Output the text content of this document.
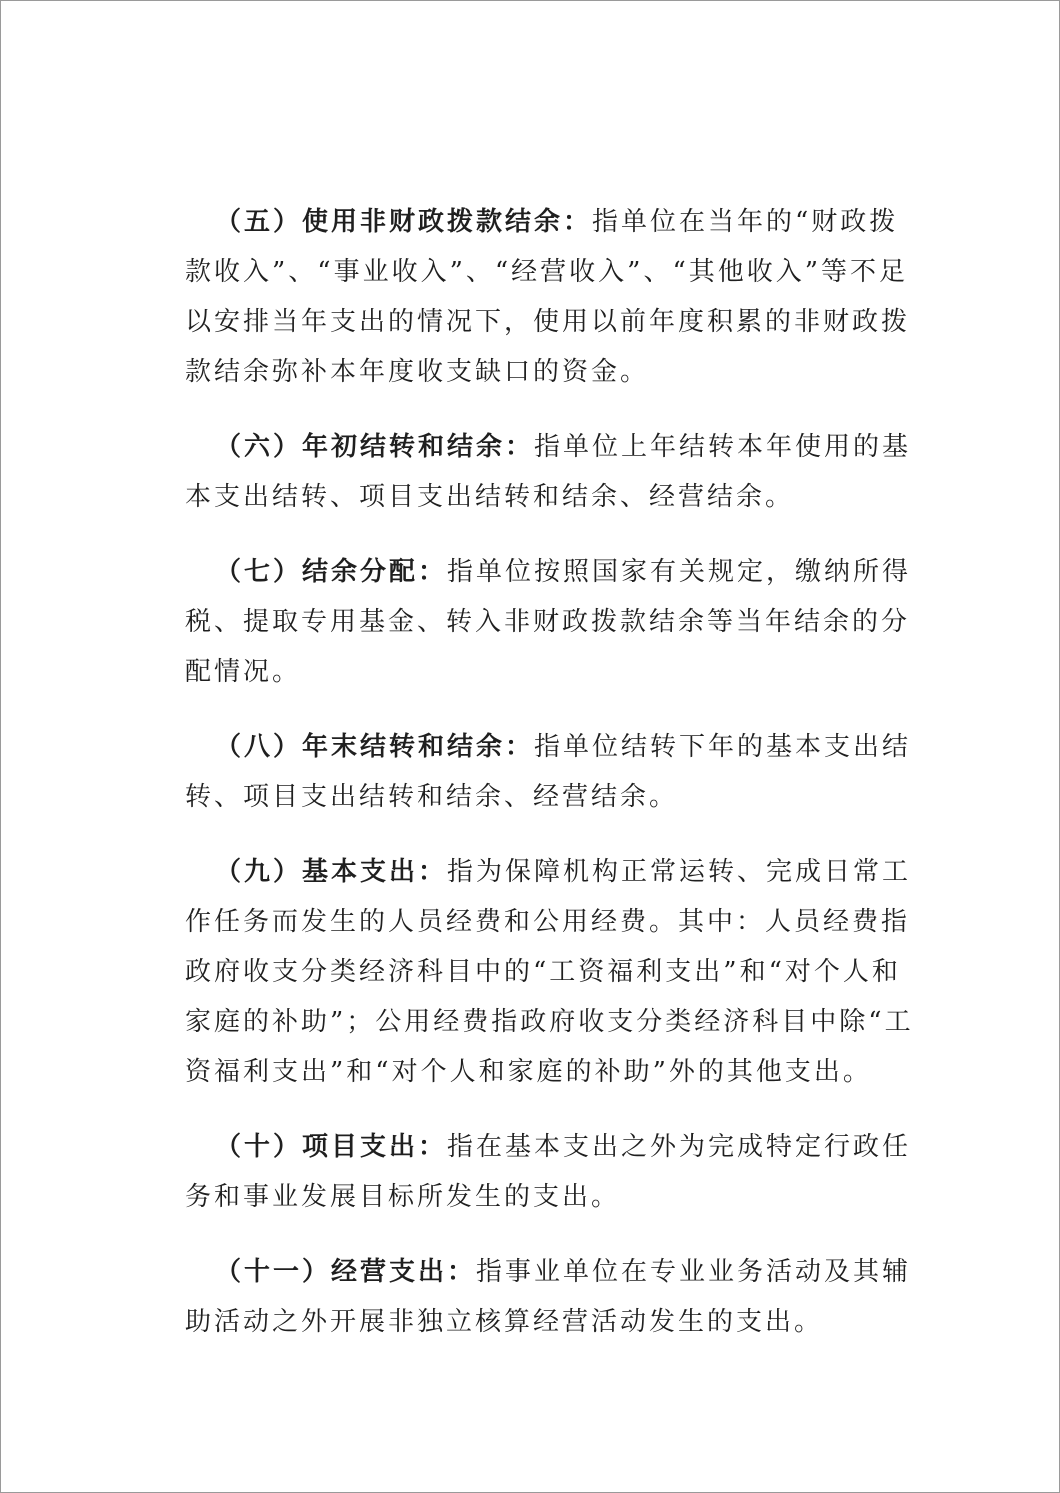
（五）使用非财政拨款结余：指单位在当年的“财政拨款收入”、“事业收入”、“经营收入”、“其他收入”等不足以安排当年支出的情况下，使用以前年度积累的非财政拨款结余弥补本年度收支缺口的资金。

（六）年初结转和结余：指单位上年结转本年使用的基本支出结转、项目支出结转和结余、经营结余。

（七）结余分配：指单位按照国家有关规定，缴纳所得税、提取专用基金、转入非财政拨款结余等当年结余的分配情况。

（八）年末结转和结余：指单位结转下年的基本支出结转、项目支出结转和结余、经营结余。

（九）基本支出：指为保障机构正常运转、完成日常工作任务而发生的人员经费和公用经费。其中：人员经费指政府收支分类经济科目中的“工资福利支出”和“对个人和家庭的补助”；公用经费指政府收支分类经济科目中除“工资福利支出”和“对个人和家庭的补助”外的其他支出。

（十）项目支出：指在基本支出之外为完成特定行政任务和事业发展目标所发生的支出。

（十一）经营支出：指事业单位在专业业务活动及其辅助活动之外开展非独立核算经营活动发生的支出。
